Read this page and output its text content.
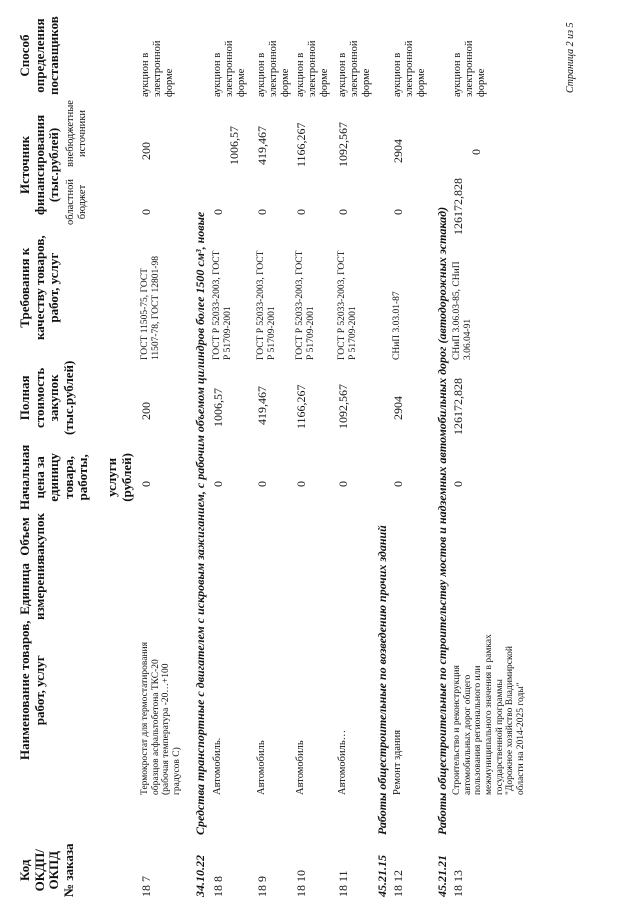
Код
ОКДП/
ОКПД
№ заказа
Наименование товаров,
работ, услуг
Единица
измерения
Объем
закупок
Начальная
цена за
единицу
товара,
работы,

услуги
(рублей)
Полная
стоимость
закупок
(тыс.рублей)
Требования к
качеству товаров,
работ, услуг
Источник
финансирования
(тыс.рублей) областной
бюджет
внебюджетные
источники
Способ
определения
поставщиков
18 7
Термокростат для термостатирования
образцов асфальтобетона ТКС-20
(рабочая температура -20…+100
градусов С)
0
200
ГОСТ 11505-75, ГОСТ
11507-78, ГОСТ 12801-98
0
200
аукцион в
электронной
форме
34.10.22
Средства транспортные с двигателем с искровым зажиганием, с рабочим объемом цилиндров более 1500 см³, новые
18 8
Автомобиль.
0
1006,57
ГОСТ Р 52033-2003, ГОСТ
Р 51709-2001
0
1006,57
аукцион в
электронной
форме
18 9
Автомобиль
0
419,467
ГОСТ Р 52033-2003, ГОСТ
Р 51709-2001
0
419,467
аукцион в
электронной
форме
18 10
Автомобиль
0
1166,267
ГОСТ Р 52033-2003, ГОСТ
Р 51709-2001
0
1166,267
аукцион в
электронной
форме
18 11
Автомобиль…
0
1092,567
ГОСТ Р 52033-2003, ГОСТ
Р 51709-2001
0
1092,567
аукцион в
электронной
форме
45.21.15
Работы общестроительные по возведению прочих зданий
18 12
Ремонт здания
0
2904
СНиП 3.03.01-87
0
2904
аукцион в
электронной
форме
45.21.21
Работы общестроительные по строительству мостов и надземных автомобильных дорог (автодорожных эстакад)
18 13
Строительство и реконструкция
автомобильных дорог общего
пользования регионального или
межмуниципального значения в рамках
государственной программы
"Дорожное хозяйство Владимирской
области на 2014-2025 годы"
0
126172,828
СНиП 3.06.03-85, СНиП
3.06.04-91
126172,828
0
аукцион в
электронной
форме	Страница 2 из 5
